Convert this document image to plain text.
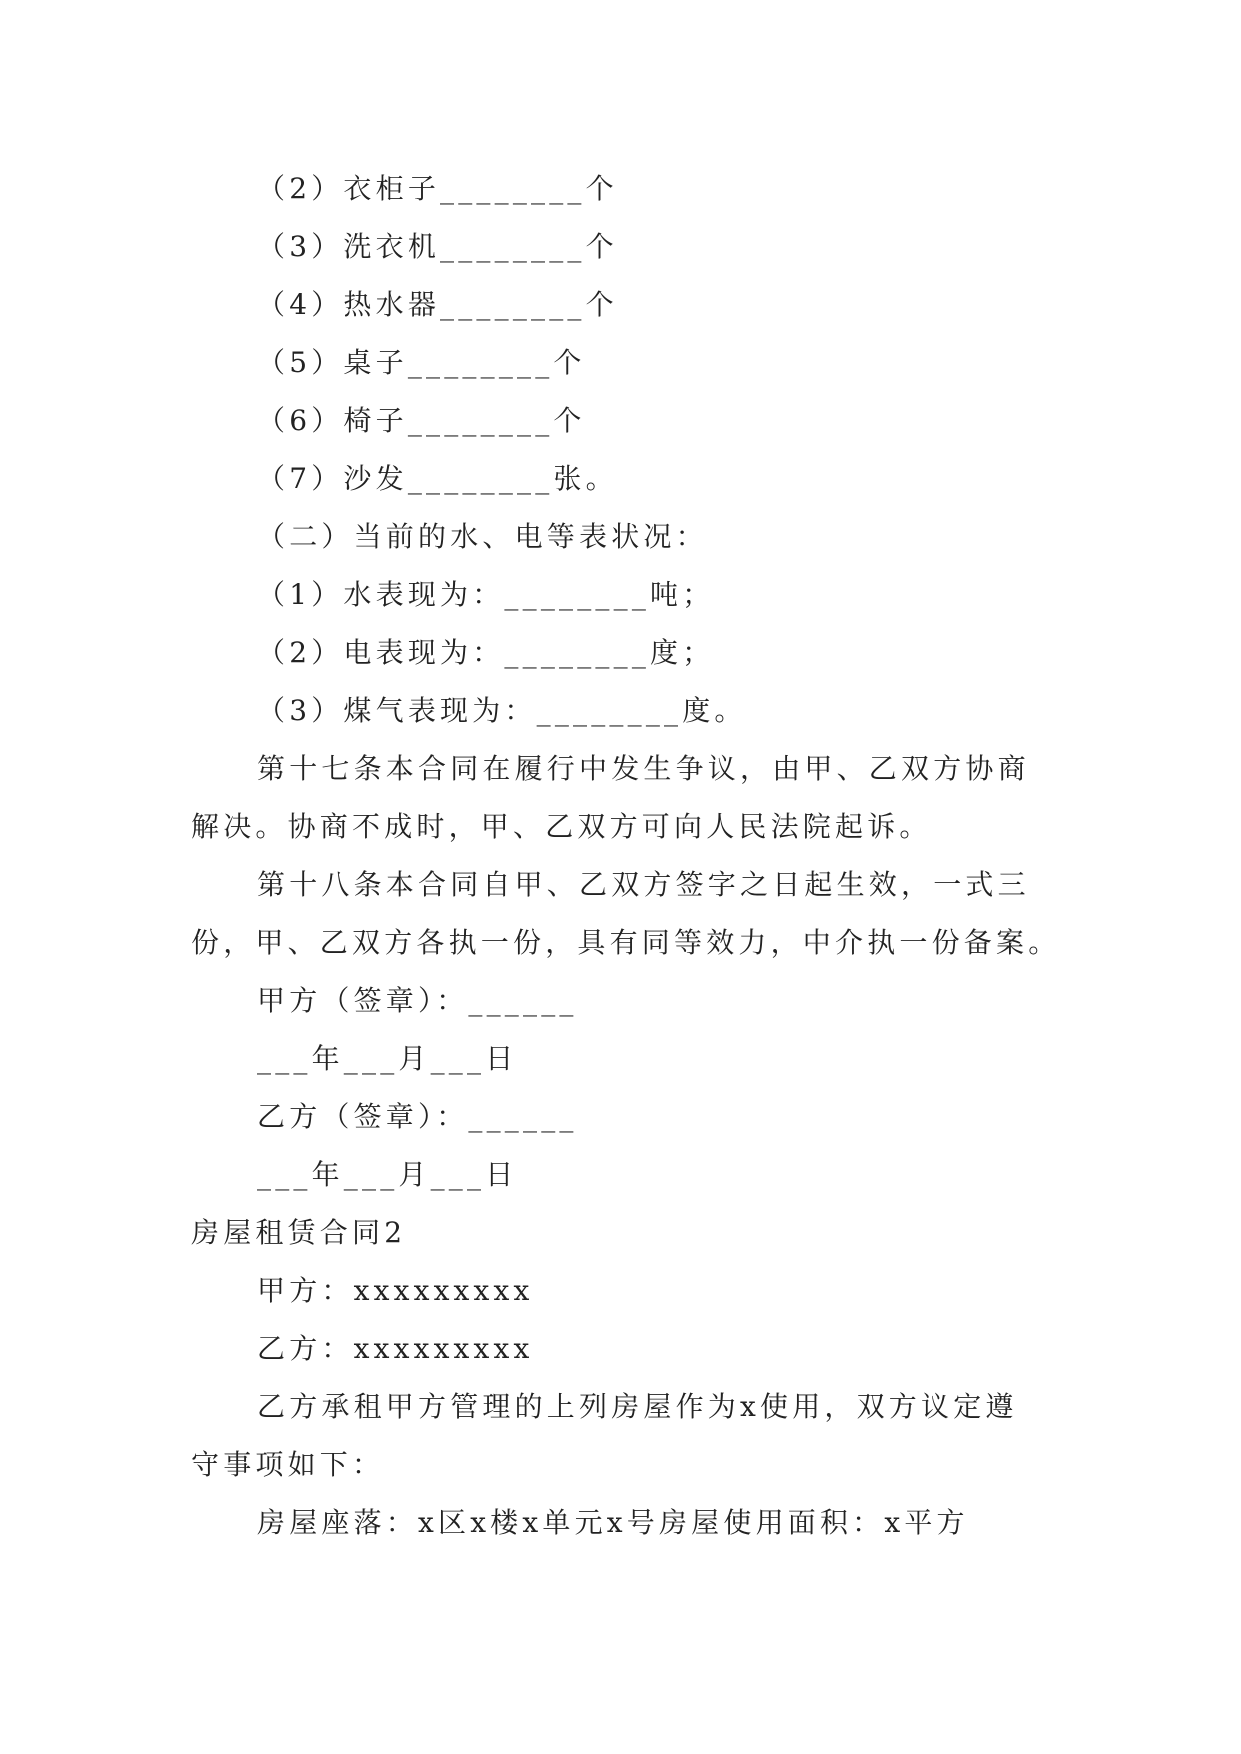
（2）衣柜子________个
（3）洗衣机________个
（4）热水器________个
（5）桌子________个
（6）椅子________个
（7）沙发________张。
（二）当前的水、电等表状况：
（1）水表现为：________吨；
（2）电表现为：________度；
（3）煤气表现为：________度。
第十七条本合同在履行中发生争议，由甲、乙双方协商
解决。协商不成时，甲、乙双方可向人民法院起诉。
第十八条本合同自甲、乙双方签字之日起生效，一式三
份，甲、乙双方各执一份，具有同等效力，中介执一份备案。
甲方（签章）：______
___年___月___日
乙方（签章）：______
___年___月___日
房屋租赁合同2
甲方：xxxxxxxxx
乙方：xxxxxxxxx
乙方承租甲方管理的上列房屋作为x使用，双方议定遵
守事项如下：
房屋座落：x区x楼x单元x号房屋使用面积：x平方
